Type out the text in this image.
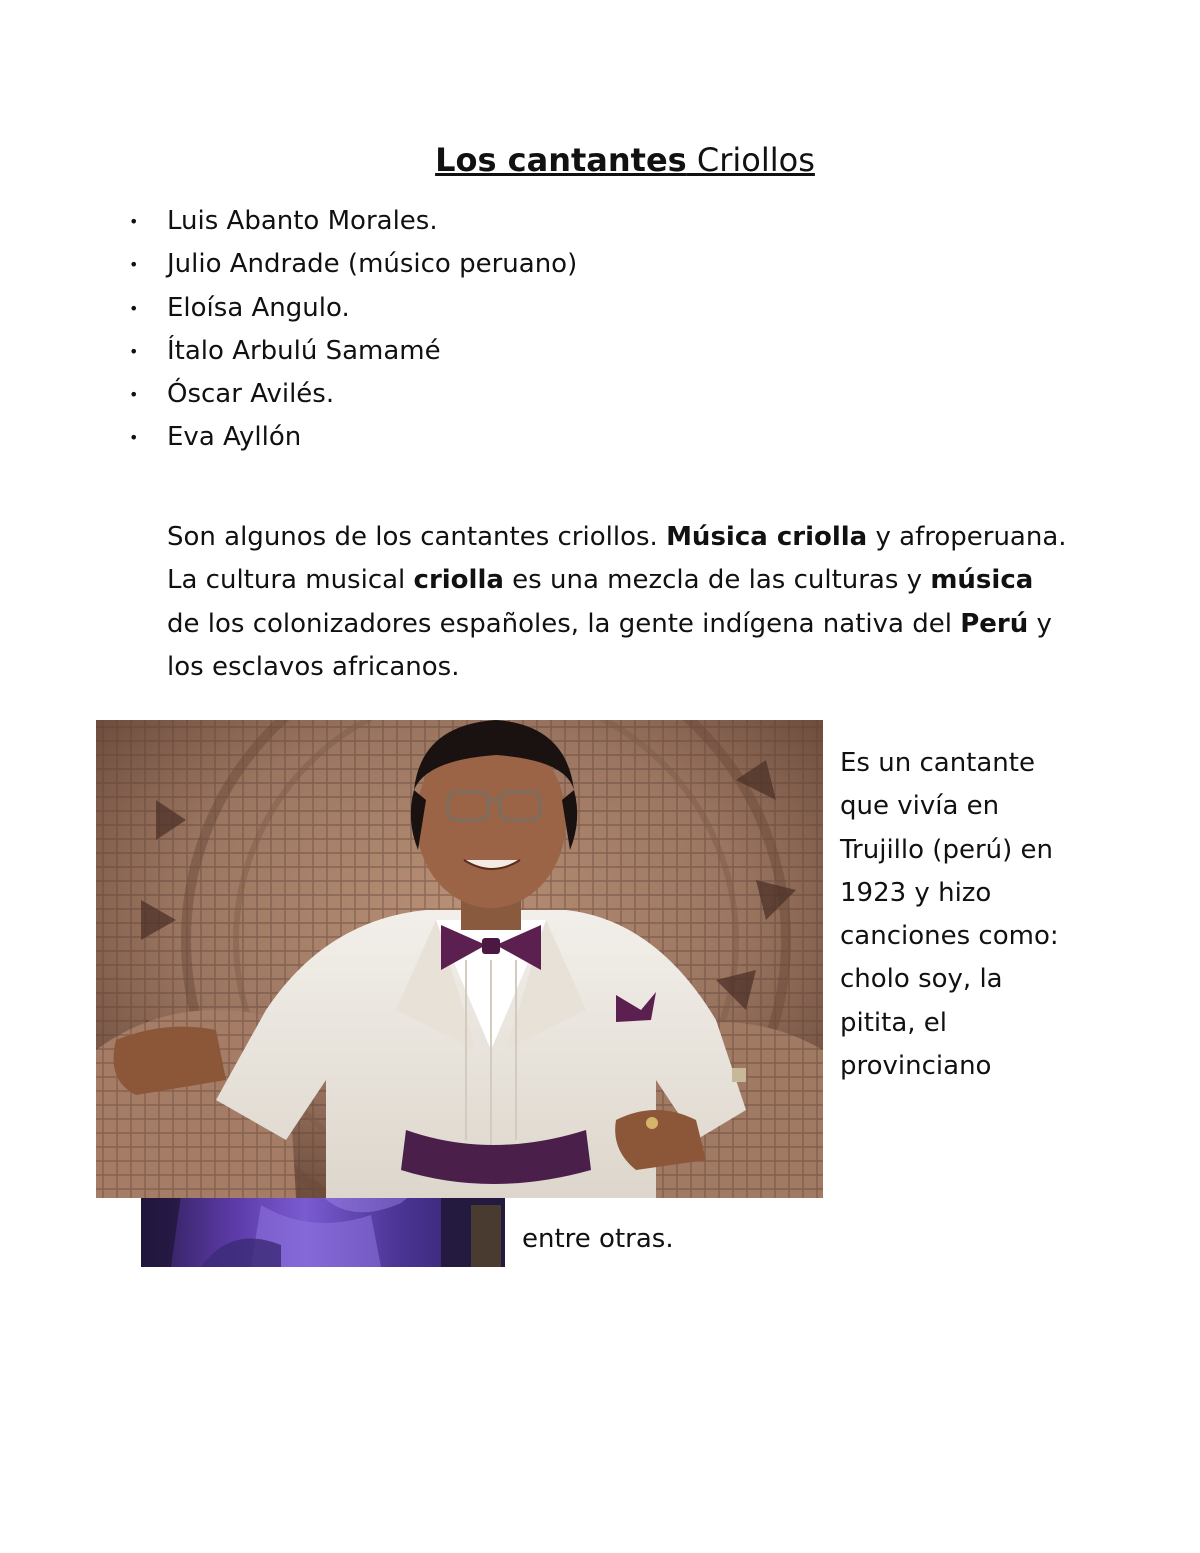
Los cantantes Criollos
• Luis Abanto Morales.
• Julio Andrade (músico peruano)
• Eloísa Angulo.
• Ítalo Arbulú Samamé
• Óscar Avilés.
• Eva Ayllón

Son algunos de los cantantes criollos. Música criolla y afroperuana. La cultura musical criolla es una mezcla de las culturas y música de los colonizadores españoles, la gente indígena nativa del Perú y los esclavos africanos.

Es un cantante que vivía en Trujillo (perú) en 1923 y hizo canciones como: cholo soy, la pitita, el provinciano

entre otras.
